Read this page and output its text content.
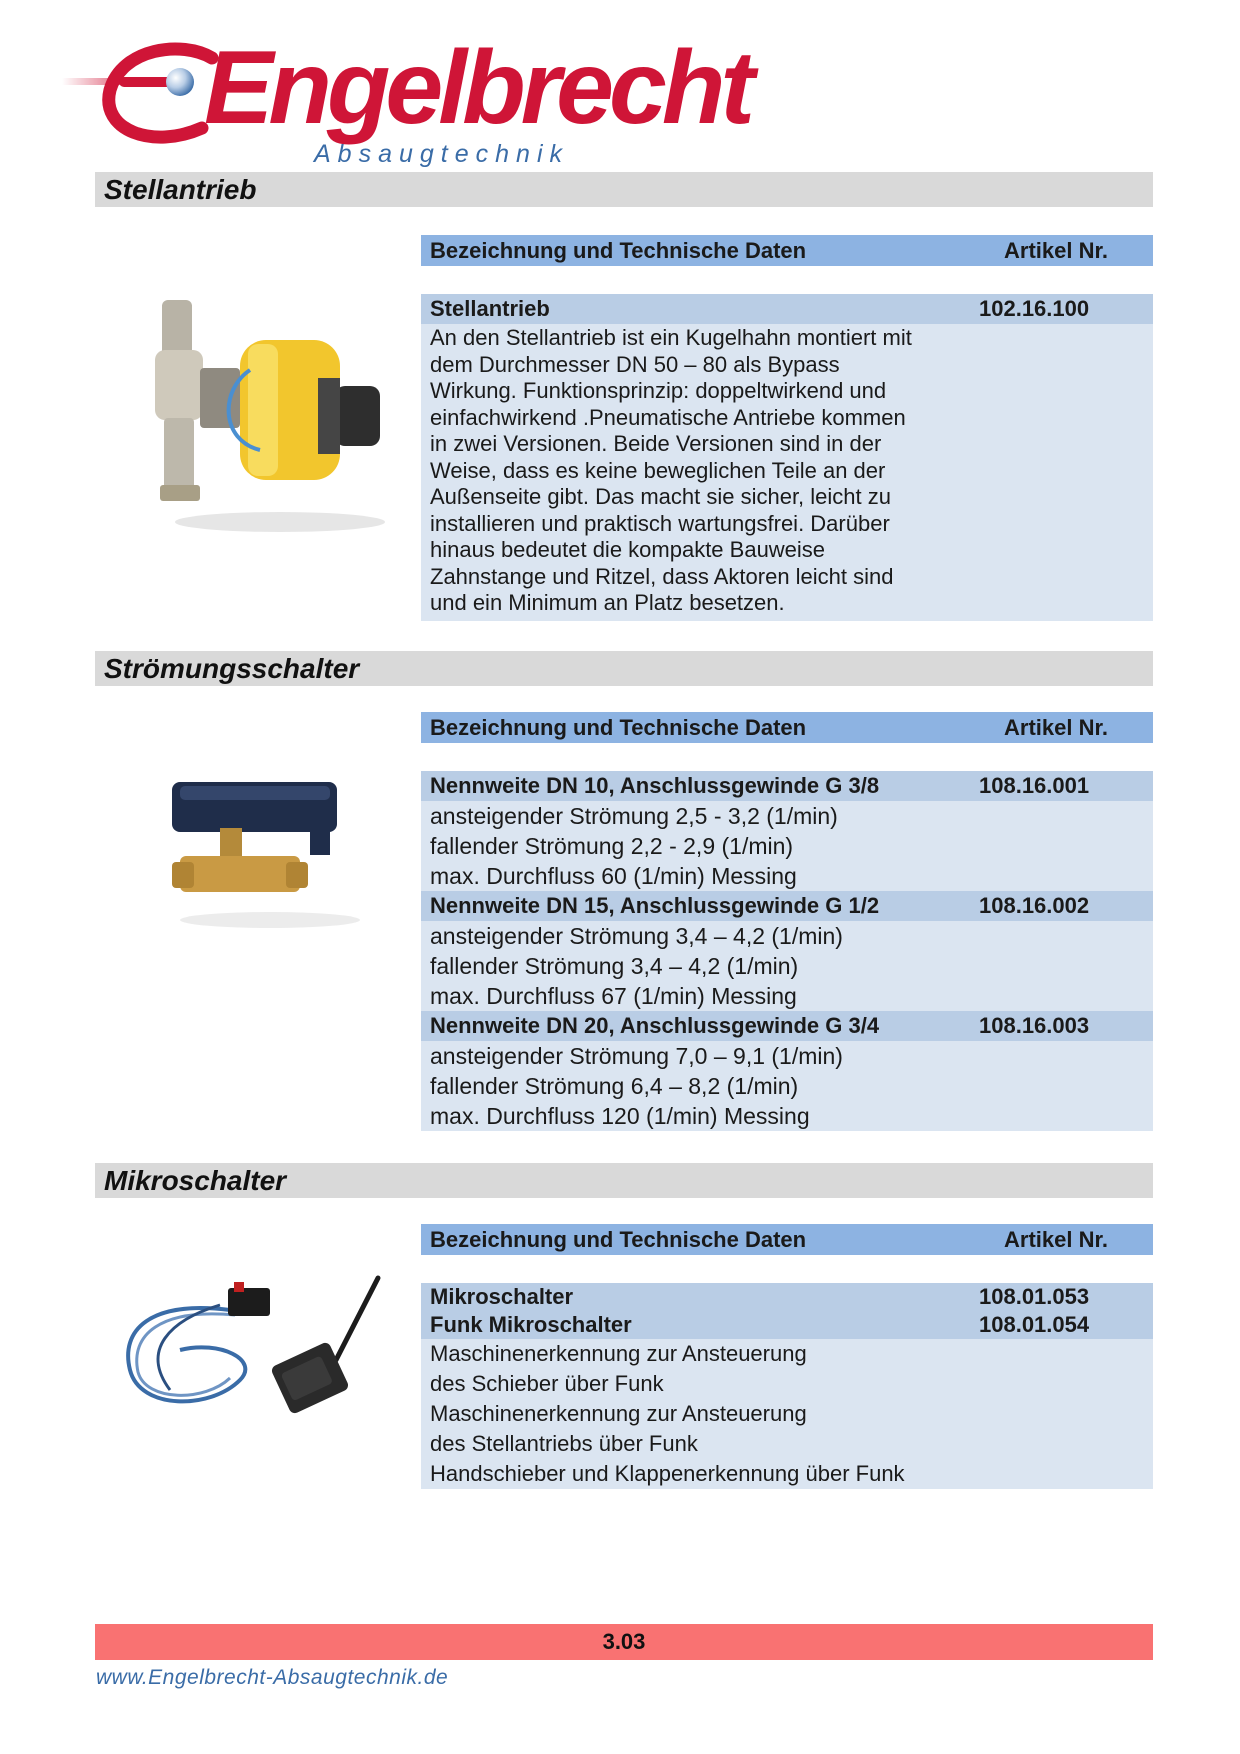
Engelbrecht
Absaugtechnik
Stellantrieb
Bezeichnung und Technische Daten	Artikel Nr.
Stellantrieb	102.16.100
An den Stellantrieb ist ein Kugelhahn montiert mit
dem Durchmesser DN 50 – 80 als Bypass
Wirkung. Funktionsprinzip: doppeltwirkend und
einfachwirkend .Pneumatische Antriebe kommen
in zwei Versionen. Beide Versionen sind in der
Weise, dass es keine beweglichen Teile an der
Außenseite gibt. Das macht sie sicher, leicht zu
installieren und praktisch wartungsfrei. Darüber
hinaus bedeutet die kompakte Bauweise
Zahnstange und Ritzel, dass Aktoren leicht sind
und ein Minimum an Platz besetzen.
Strömungsschalter
Bezeichnung und Technische Daten	Artikel Nr.
Nennweite DN 10, Anschlussgewinde G 3/8	108.16.001
ansteigender Strömung 2,5 - 3,2 (1/min)
fallender Strömung 2,2 - 2,9 (1/min)
max. Durchfluss 60 (1/min) Messing
Nennweite DN 15, Anschlussgewinde G 1/2	108.16.002
ansteigender Strömung 3,4 – 4,2 (1/min)
fallender Strömung 3,4 – 4,2 (1/min)
max. Durchfluss 67 (1/min) Messing
Nennweite DN 20, Anschlussgewinde G 3/4	108.16.003
ansteigender Strömung 7,0 – 9,1 (1/min)
fallender Strömung 6,4 – 8,2 (1/min)
max. Durchfluss 120 (1/min) Messing
Mikroschalter
Bezeichnung und Technische Daten	Artikel Nr.
Mikroschalter	108.01.053
Funk Mikroschalter	108.01.054
Maschinenerkennung zur Ansteuerung
des Schieber über Funk
Maschinenerkennung zur Ansteuerung
des Stellantriebs über Funk
Handschieber und Klappenerkennung über Funk
3.03
www.Engelbrecht-Absaugtechnik.de
